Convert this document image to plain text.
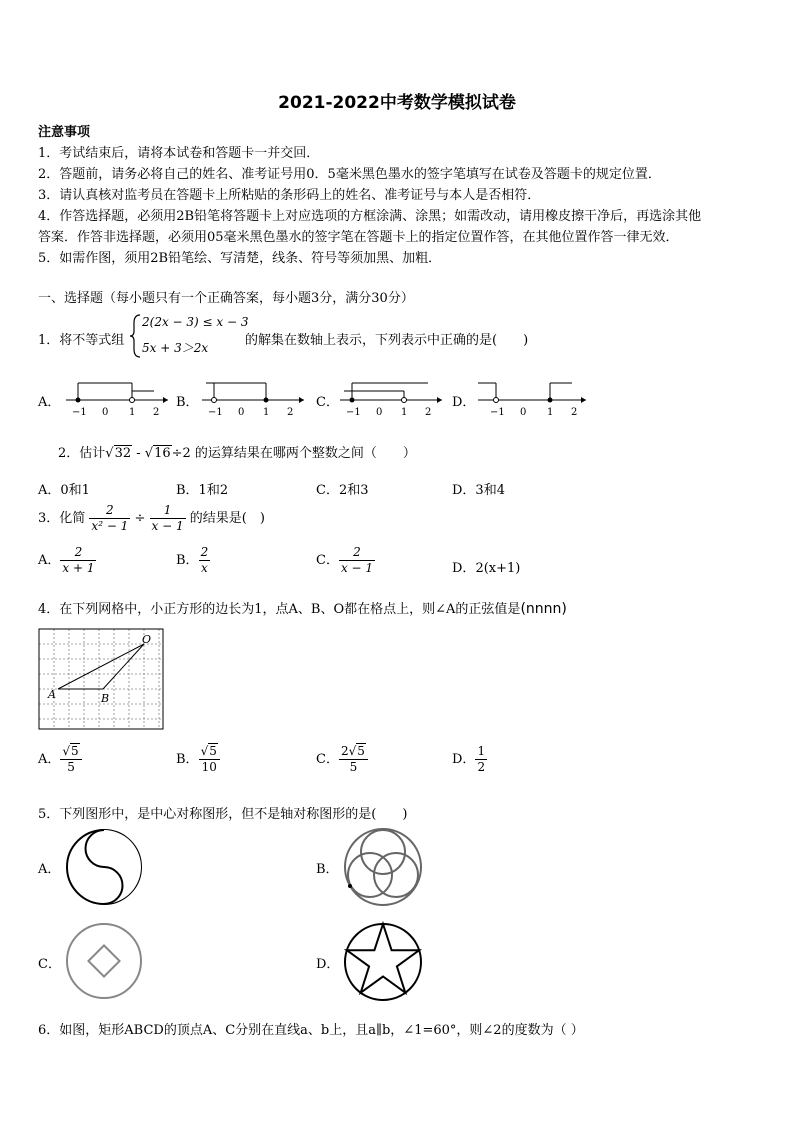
2021-2022中考数学模拟试卷
注意事项
1．考试结束后，请将本试卷和答题卡一并交回．
2．答题前，请务必将自己的姓名、准考证号用0．5毫米黑色墨水的签字笔填写在试卷及答题卡的规定位置．
3．请认真核对监考员在答题卡上所粘贴的条形码上的姓名、准考证号与本人是否相符．
4．作答选择题，必须用2B铅笔将答题卡上对应选项的方框涂满、涂黑；如需改动，请用橡皮擦干净后，再选涂其他
答案．作答非选择题，必须用05毫米黑色墨水的签字笔在答题卡上的指定位置作答，在其他位置作答一律无效．
5．如需作图，须用2B铅笔绘、写清楚，线条、符号等须加黑、加粗．
一、选择题（每小题只有一个正确答案，每小题3分，满分30分）
1．将不等式组
2(2x − 3) ≤ x − 3
5x + 3＞2x	的解集在数轴上表示，下列表示中正确的是(　　)
A．	B．	C．	D．
−1 0 1 2	−1 0 1 2	−1 0 1 2	−1 0 1 2
2．估计√32 - √16÷2 的运算结果在哪两个整数之间（　　）
A．0和1	B．1和2	C．2和3	D．3和4
3．化简 $\frac{2}{\text{x² − 1}} \div \frac{1}{x - 1}$ 的结果是(　)
A． $\frac{2}{x + 1}$	B． $\frac{2}{x}$	C． $\frac{2}{x - 1}$	D．2(x+1)
4．在下列网格中，小正方形的边长为1，点A、B、O都在格点上，则∠A的正弦值是(nnnn)
O
A	B
A． $\frac{√5}{5}$	B． $\frac{√5}{10}$	C． $\frac{2√5}{5}$	D． $\frac{1}{2}$
5．下列图形中，是中心对称图形，但不是轴对称图形的是(　　)
A．	B．
C．	D．
6．如图，矩形ABCD的顶点A、C分别在直线a、b上，且a∥b，∠1=60°，则∠2的度数为（ ）
